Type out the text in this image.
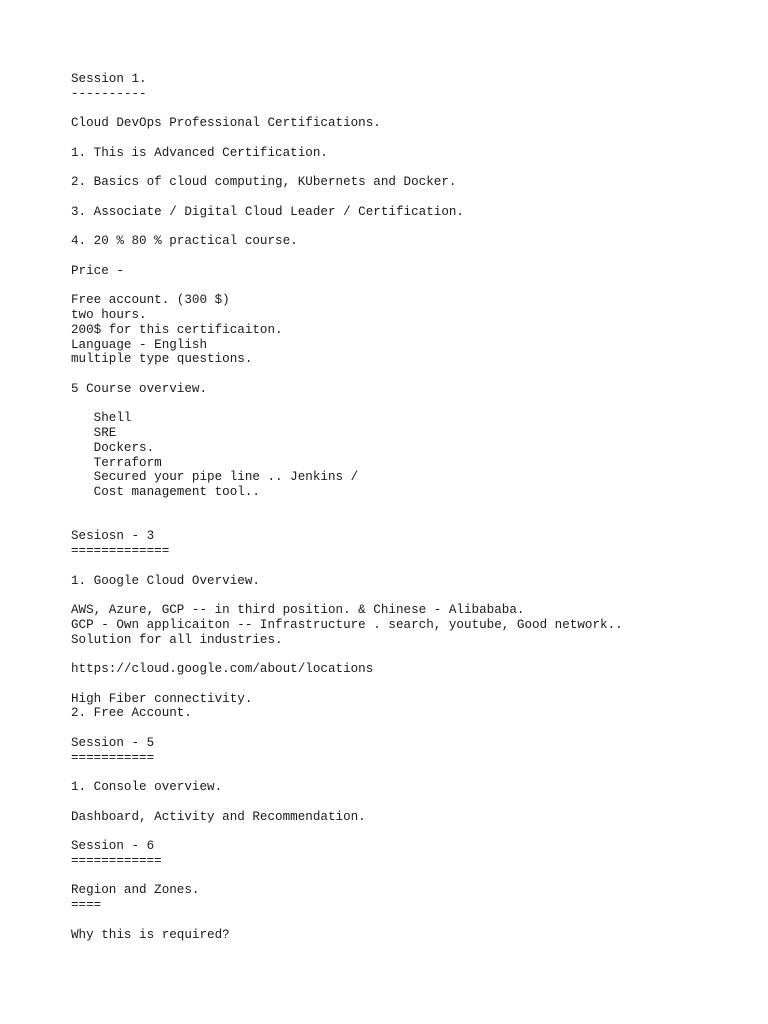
Session 1.
----------
Cloud DevOps Professional Certifications.
1. This is Advanced Certification.
2. Basics of cloud computing, KUbernets and Docker.
3. Associate / Digital Cloud Leader / Certification.
4. 20 % 80 % practical course.
Price -
Free account. (300 $)
two hours.
200$ for this certificaiton.
Language - English
multiple type questions.
5 Course overview.
Shell
SRE
Dockers.
Terraform
Secured your pipe line .. Jenkins /
Cost management tool..
Sesiosn - 3
=============
1. Google Cloud Overview.
AWS, Azure, GCP -- in third position. & Chinese - Alibababa.
GCP - Own applicaiton -- Infrastructure . search, youtube, Good network..
Solution for all industries.
https://cloud.google.com/about/locations
High Fiber connectivity.
2. Free Account.
Session - 5
===========
1. Console overview.
Dashboard, Activity and Recommendation.
Session - 6
============
Region and Zones.
====
Why this is required?
